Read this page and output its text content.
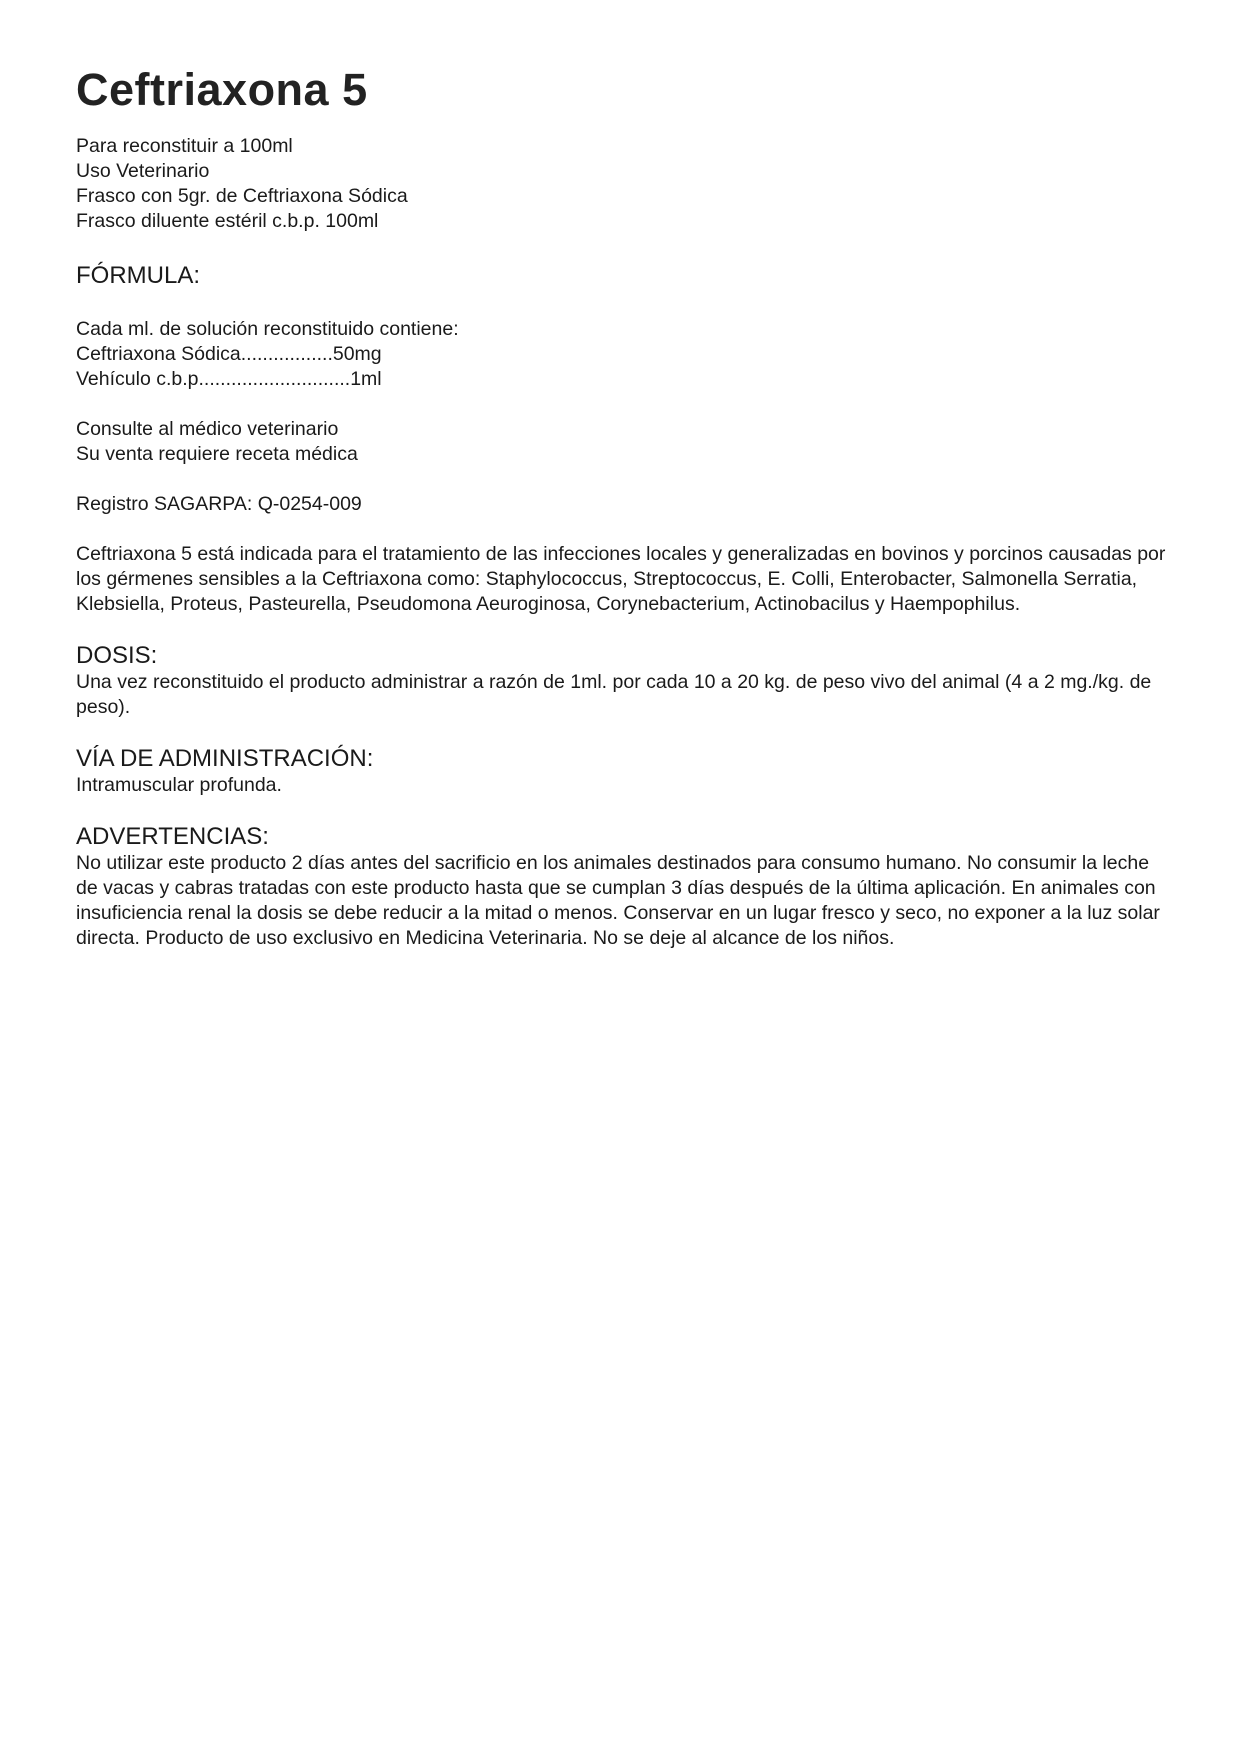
Ceftriaxona 5

Para reconstituir a 100ml

Uso Veterinario

Frasco con 5gr. de Ceftriaxona Sódica

Frasco diluente estéril c.b.p. 100ml

FÓRMULA:

Cada ml. de solución reconstituido contiene:

Ceftriaxona Sódica.................50mg

Vehículo c.b.p............................1ml

Consulte al médico veterinario

Su venta requiere receta médica

Registro SAGARPA: Q-0254-009

Ceftriaxona 5 está indicada para el tratamiento de las infecciones locales y generalizadas en bovinos y porcinos causadas por los gérmenes sensibles a la Ceftriaxona como: Staphylococcus, Streptococcus, E. Colli, Enterobacter, Salmonella Serratia, Klebsiella, Proteus, Pasteurella, Pseudomona Aeuroginosa, Corynebacterium, Actinobacilus y Haempophilus.

DOSIS:

Una vez reconstituido el producto administrar a razón de 1ml. por cada 10 a 20 kg. de peso vivo del animal (4 a 2 mg./kg. de peso).

VÍA DE ADMINISTRACIÓN:

Intramuscular profunda.

ADVERTENCIAS:

No utilizar este producto 2 días antes del sacrificio en los animales destinados para consumo humano. No consumir la leche de vacas y cabras tratadas con este producto hasta que se cumplan 3 días después de la última aplicación. En animales con insuficiencia renal la dosis se debe reducir a la mitad o menos. Conservar en un lugar fresco y seco, no exponer a la luz solar directa. Producto de uso exclusivo en Medicina Veterinaria. No se deje al alcance de los niños.
